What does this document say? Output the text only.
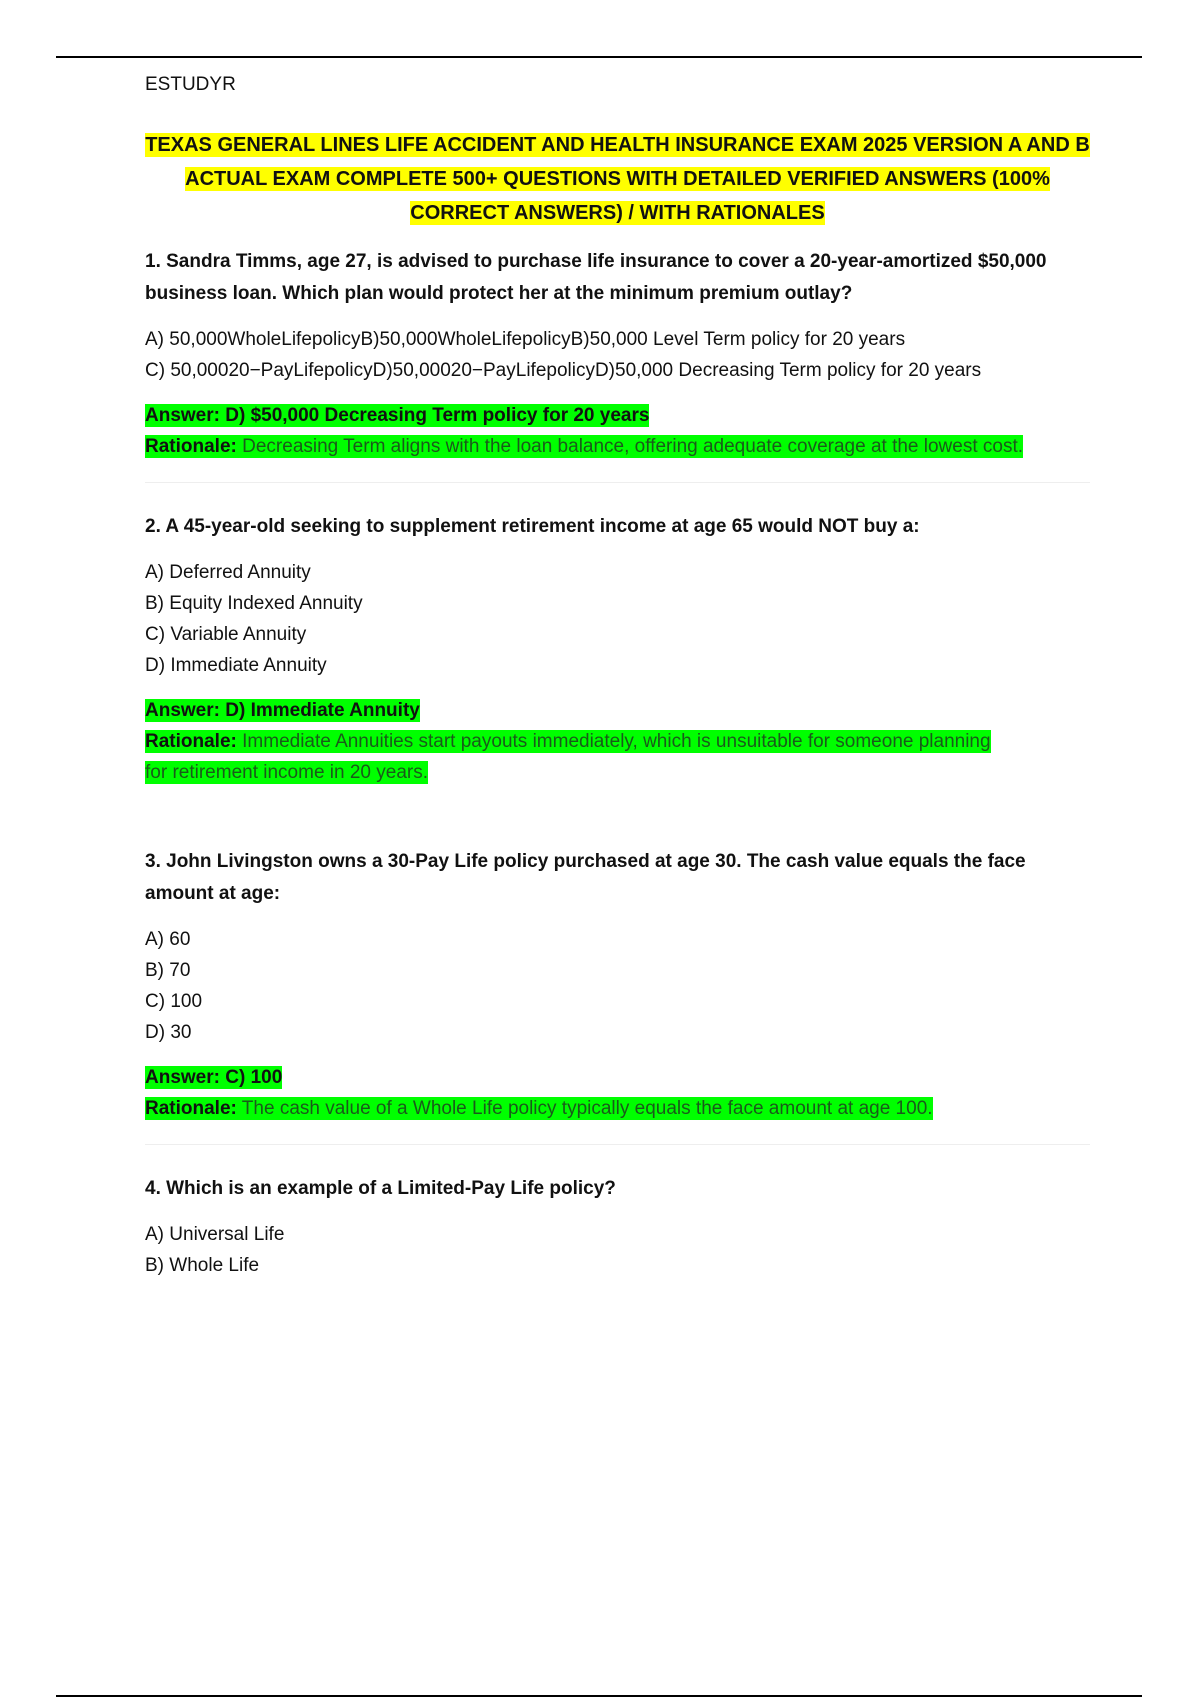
ESTUDYR
TEXAS GENERAL LINES LIFE ACCIDENT AND HEALTH INSURANCE EXAM 2025 VERSION A AND B
ACTUAL EXAM COMPLETE 500+ QUESTIONS WITH DETAILED VERIFIED ANSWERS (100%
CORRECT ANSWERS) / WITH RATIONALES
1. Sandra Timms, age 27, is advised to purchase life insurance to cover a 20-year-amortized $50,000
business loan. Which plan would protect her at the minimum premium outlay?
A) 50,000WholeLifepolicyB)50,000WholeLifepolicyB)50,000 Level Term policy for 20 years
C) 50,00020−PayLifepolicyD)50,00020−PayLifepolicyD)50,000 Decreasing Term policy for 20 years
Answer: D) $50,000 Decreasing Term policy for 20 years
Rationale: Decreasing Term aligns with the loan balance, offering adequate coverage at the lowest cost.
2. A 45-year-old seeking to supplement retirement income at age 65 would NOT buy a:
A) Deferred Annuity
B) Equity Indexed Annuity
C) Variable Annuity
D) Immediate Annuity
Answer: D) Immediate Annuity
Rationale: Immediate Annuities start payouts immediately, which is unsuitable for someone planning
for retirement income in 20 years.
3. John Livingston owns a 30-Pay Life policy purchased at age 30. The cash value equals the face
amount at age:
A) 60
B) 70
C) 100
D) 30
Answer: C) 100
Rationale: The cash value of a Whole Life policy typically equals the face amount at age 100.
4. Which is an example of a Limited-Pay Life policy?
A) Universal Life
B) Whole Life
